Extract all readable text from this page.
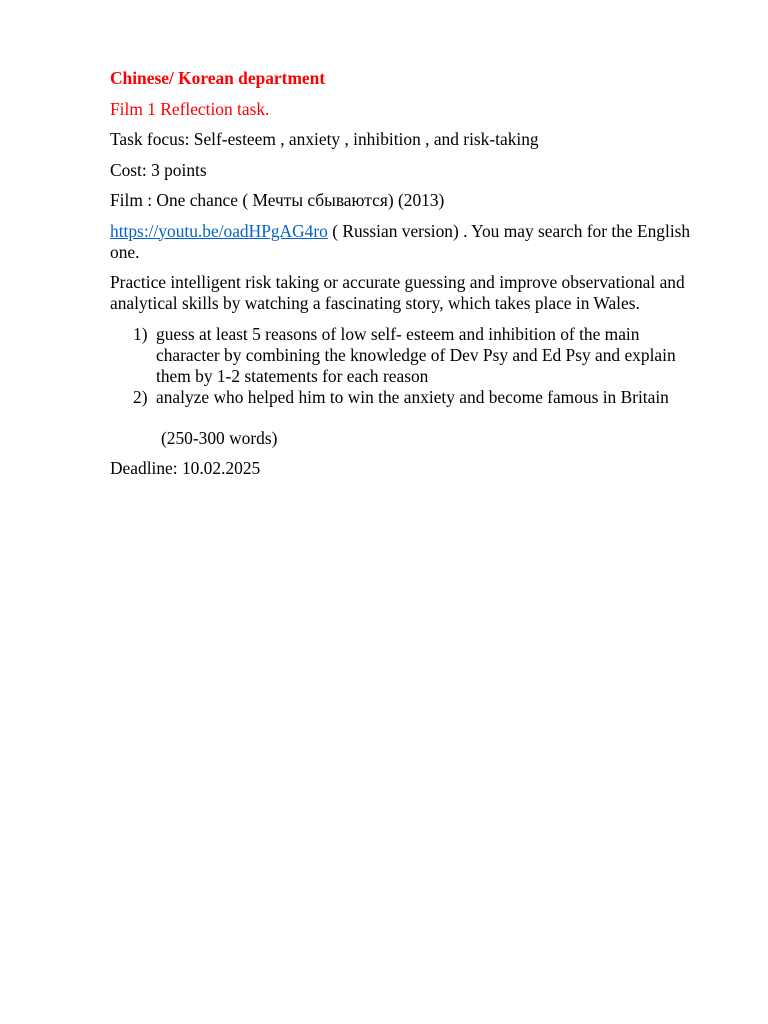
Chinese/ Korean department

Film 1 Reflection task.

Task focus: Self-esteem , anxiety , inhibition , and risk-taking

Cost: 3 points

Film : One chance ( Мечты сбываются) (2013)

https://youtu.be/oadHPgAG4ro ( Russian version) . You may search for the English one.

Practice intelligent risk taking or accurate guessing and improve observational and analytical skills by watching a fascinating story, which takes place in Wales.

1) guess at least 5 reasons of low self- esteem and inhibition of the main character by combining the knowledge of Dev Psy and Ed Psy and explain them by 1-2 statements for each reason
2) analyze who helped him to win the anxiety and become famous in Britain

(250-300 words)

Deadline: 10.02.2025
